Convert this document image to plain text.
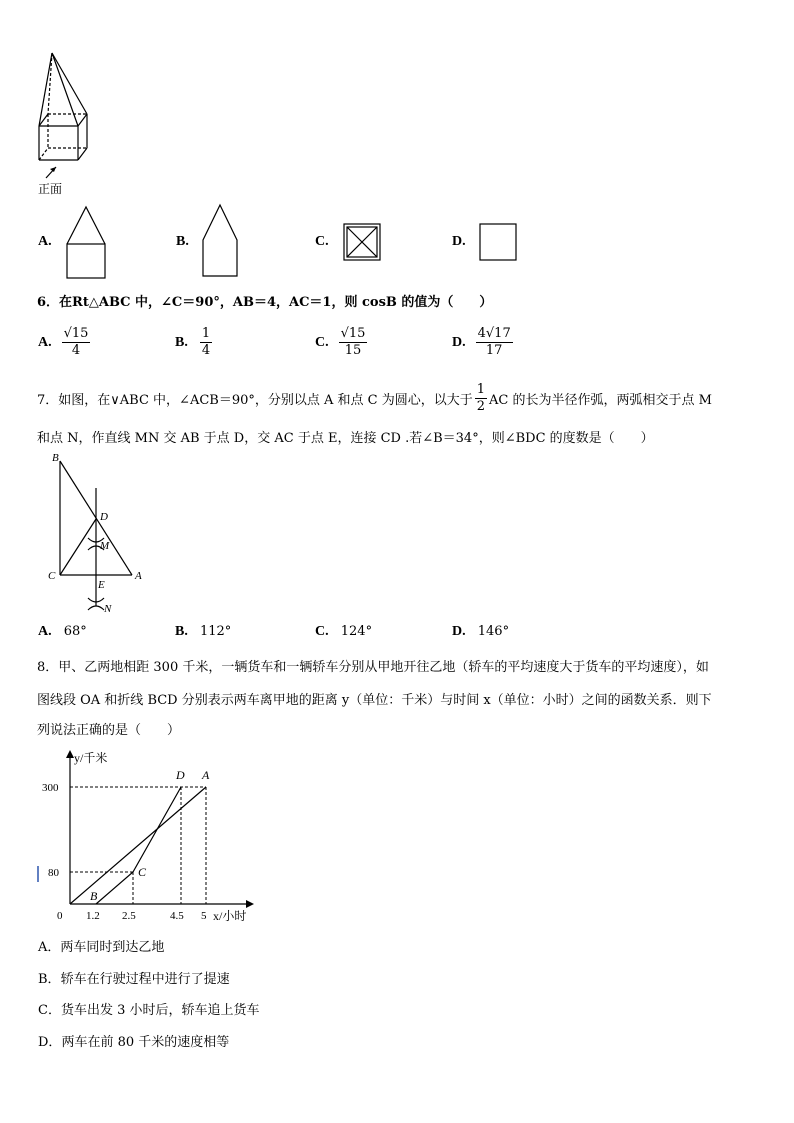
正面
A.	B.	C.	D.
6．在Rt△ABC 中，∠C＝90°，AB＝4，AC＝1，则 cosB 的值为（　　）
A. $\frac{√15}{4}$	B. $\frac{1}{4}$	C. $\frac{√15}{15}$	D. $\frac{4√17}{17}$
7．如图，在∨ABC 中，∠ACB＝90°，分别以点 A 和点 C 为圆心，以大于 $\frac{1}{2}$ AC 的长为半径作弧，两弧相交于点 M
和点 N，作直线 MN 交 AB 于点 D，交 AC 于点 E，连接 CD .若∠B＝34°，则∠BDC 的度数是（　　）
B
D
M
C	A
E
N
A. 68°	B. 112°	C. 124°	D. 146°
8．甲、乙两地相距 300 千米，一辆货车和一辆轿车分别从甲地开往乙地（轿车的平均速度大于货车的平均速度），如
图线段 OA 和折线 BCD 分别表示两车离甲地的距离 y（单位：千米）与时间 x（单位：小时）之间的函数关系．则下
列说法正确的是（　　）
y/千米
x/小时
300
80
0 1.2 2.5	4.5 5
D A
C
B
A．两车同时到达乙地
B．轿车在行驶过程中进行了提速
C．货车出发 3 小时后，轿车追上货车
D．两车在前 80 千米的速度相等
